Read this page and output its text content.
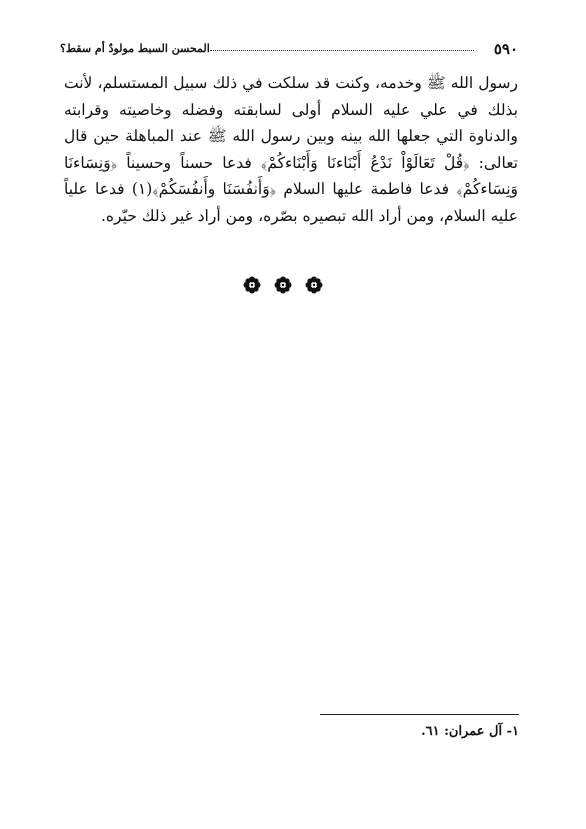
٥٩٠
المحسن السبط مولودٌ أم سقط؟

رسول الله ﷺ وخدمه، وكنت قد سلكت في ذلك سبيل المستسلم، لأنت بذلك في علي عليه السلام أولى لسابقته وفضله وخاصيته وقرابته والدناوة التي جعلها الله بينه وبين رسول الله ﷺ عند المباهلة حين قال تعالى: ﴿قُلْ تَعَالَوْاْ نَدْعُ أَبْنَاءنَا وَأَبْنَاءكُمْ﴾ فدعا حسناً وحسيناً ﴿وَنِسَاءنَا وَنِسَاءكُمْ﴾ فدعا فاطمة عليها السلام ﴿وَأَنفُسَنَا وأَنفُسَكُمْ﴾(١) فدعا علياً عليه السلام، ومن أراد الله تبصيره بصّره، ومن أراد غير ذلك حيّره.

١- آل عمران: ٦١.
